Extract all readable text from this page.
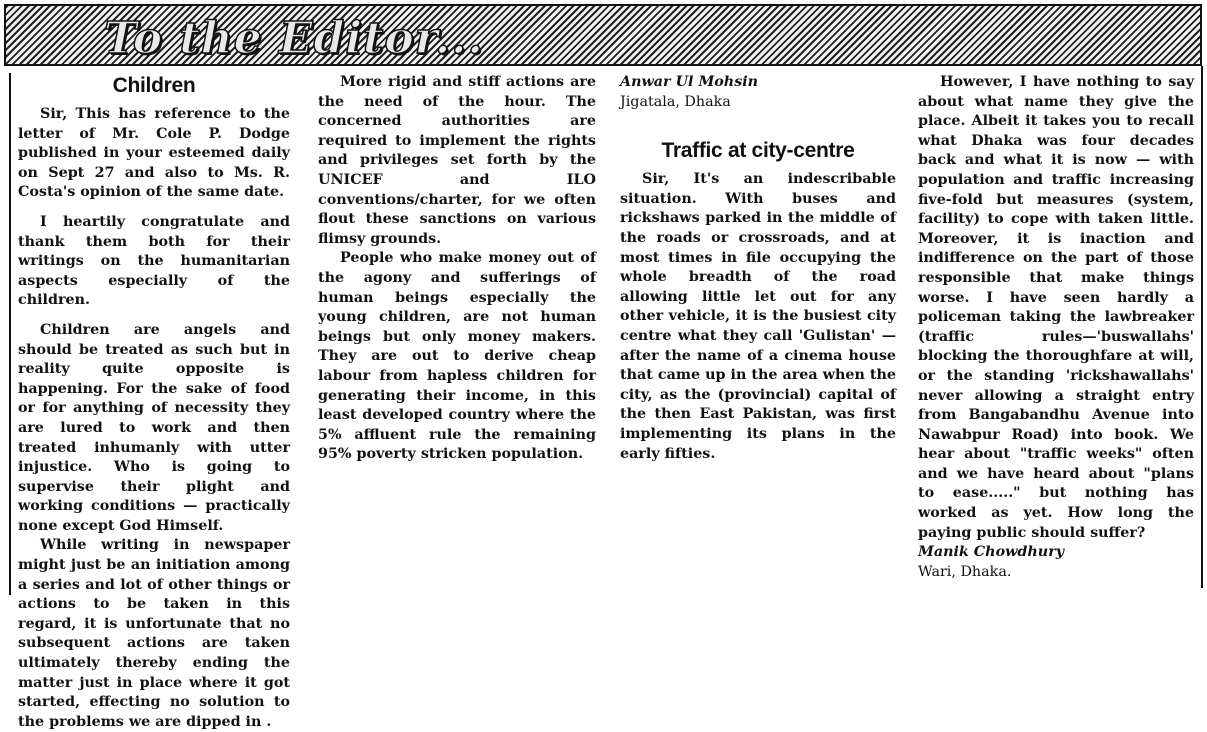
To the Editor...
Children

Sir, This has reference to the letter of Mr. Cole P. Dodge published in your esteemed daily on Sept 27 and also to Ms. R. Costa's opinion of the same date.

I heartily congratulate and thank them both for their writings on the humanitarian aspects especially of the children.

Children are angels and should be treated as such but in reality quite opposite is happening. For the sake of food or for anything of necessity they are lured to work and then treated inhumanly with utter injustice. Who is going to supervise their plight and working conditions — practically none except God Himself.

While writing in newspaper might just be an initiation among a series and lot of other things or actions to be taken in this regard, it is unfortunate that no subsequent actions are taken ultimately thereby ending the matter just in place where it got started, effecting no solution to the problems we are dipped in .

More rigid and stiff actions are the need of the hour. The concerned authorities are required to implement the rights and privileges set forth by the UNICEF and ILO conventions/charter, for we often flout these sanctions on various flimsy grounds.

People who make money out of the agony and sufferings of human beings especially the young children, are not human beings but only money makers. They are out to derive cheap labour from hapless children for generating their income, in this least developed country where the 5% affluent rule the remaining 95% poverty stricken population.

Anwar Ul Mohsin

Jigatala, Dhaka

Traffic at city-centre

Sir, It's an indescribable situation. With buses and rickshaws parked in the middle of the roads or crossroads, and at most times in file occupying the whole breadth of the road allowing little let out for any other vehicle, it is the busiest city centre what they call 'Gulistan' — after the name of a cinema house that came up in the area when the city, as the (provincial) capital of the then East Pakistan, was first implementing its plans in the early fifties.

However, I have nothing to say about what name they give the place. Albeit it takes you to recall what Dhaka was four decades back and what it is now — with population and traffic increasing five-fold but measures (system, facility) to cope with taken little. Moreover, it is inaction and indifference on the part of those responsible that make things worse. I have seen hardly a policeman taking the lawbreaker (traffic rules—'buswallahs' blocking the thoroughfare at will, or the standing 'rickshawallahs' never allowing a straight entry from Bangabandhu Avenue into Nawabpur Road) into book. We hear about "traffic weeks" often and we have heard about "plans to ease....." but nothing has worked as yet. How long the paying public should suffer?

Manik Chowdhury

Wari, Dhaka.
